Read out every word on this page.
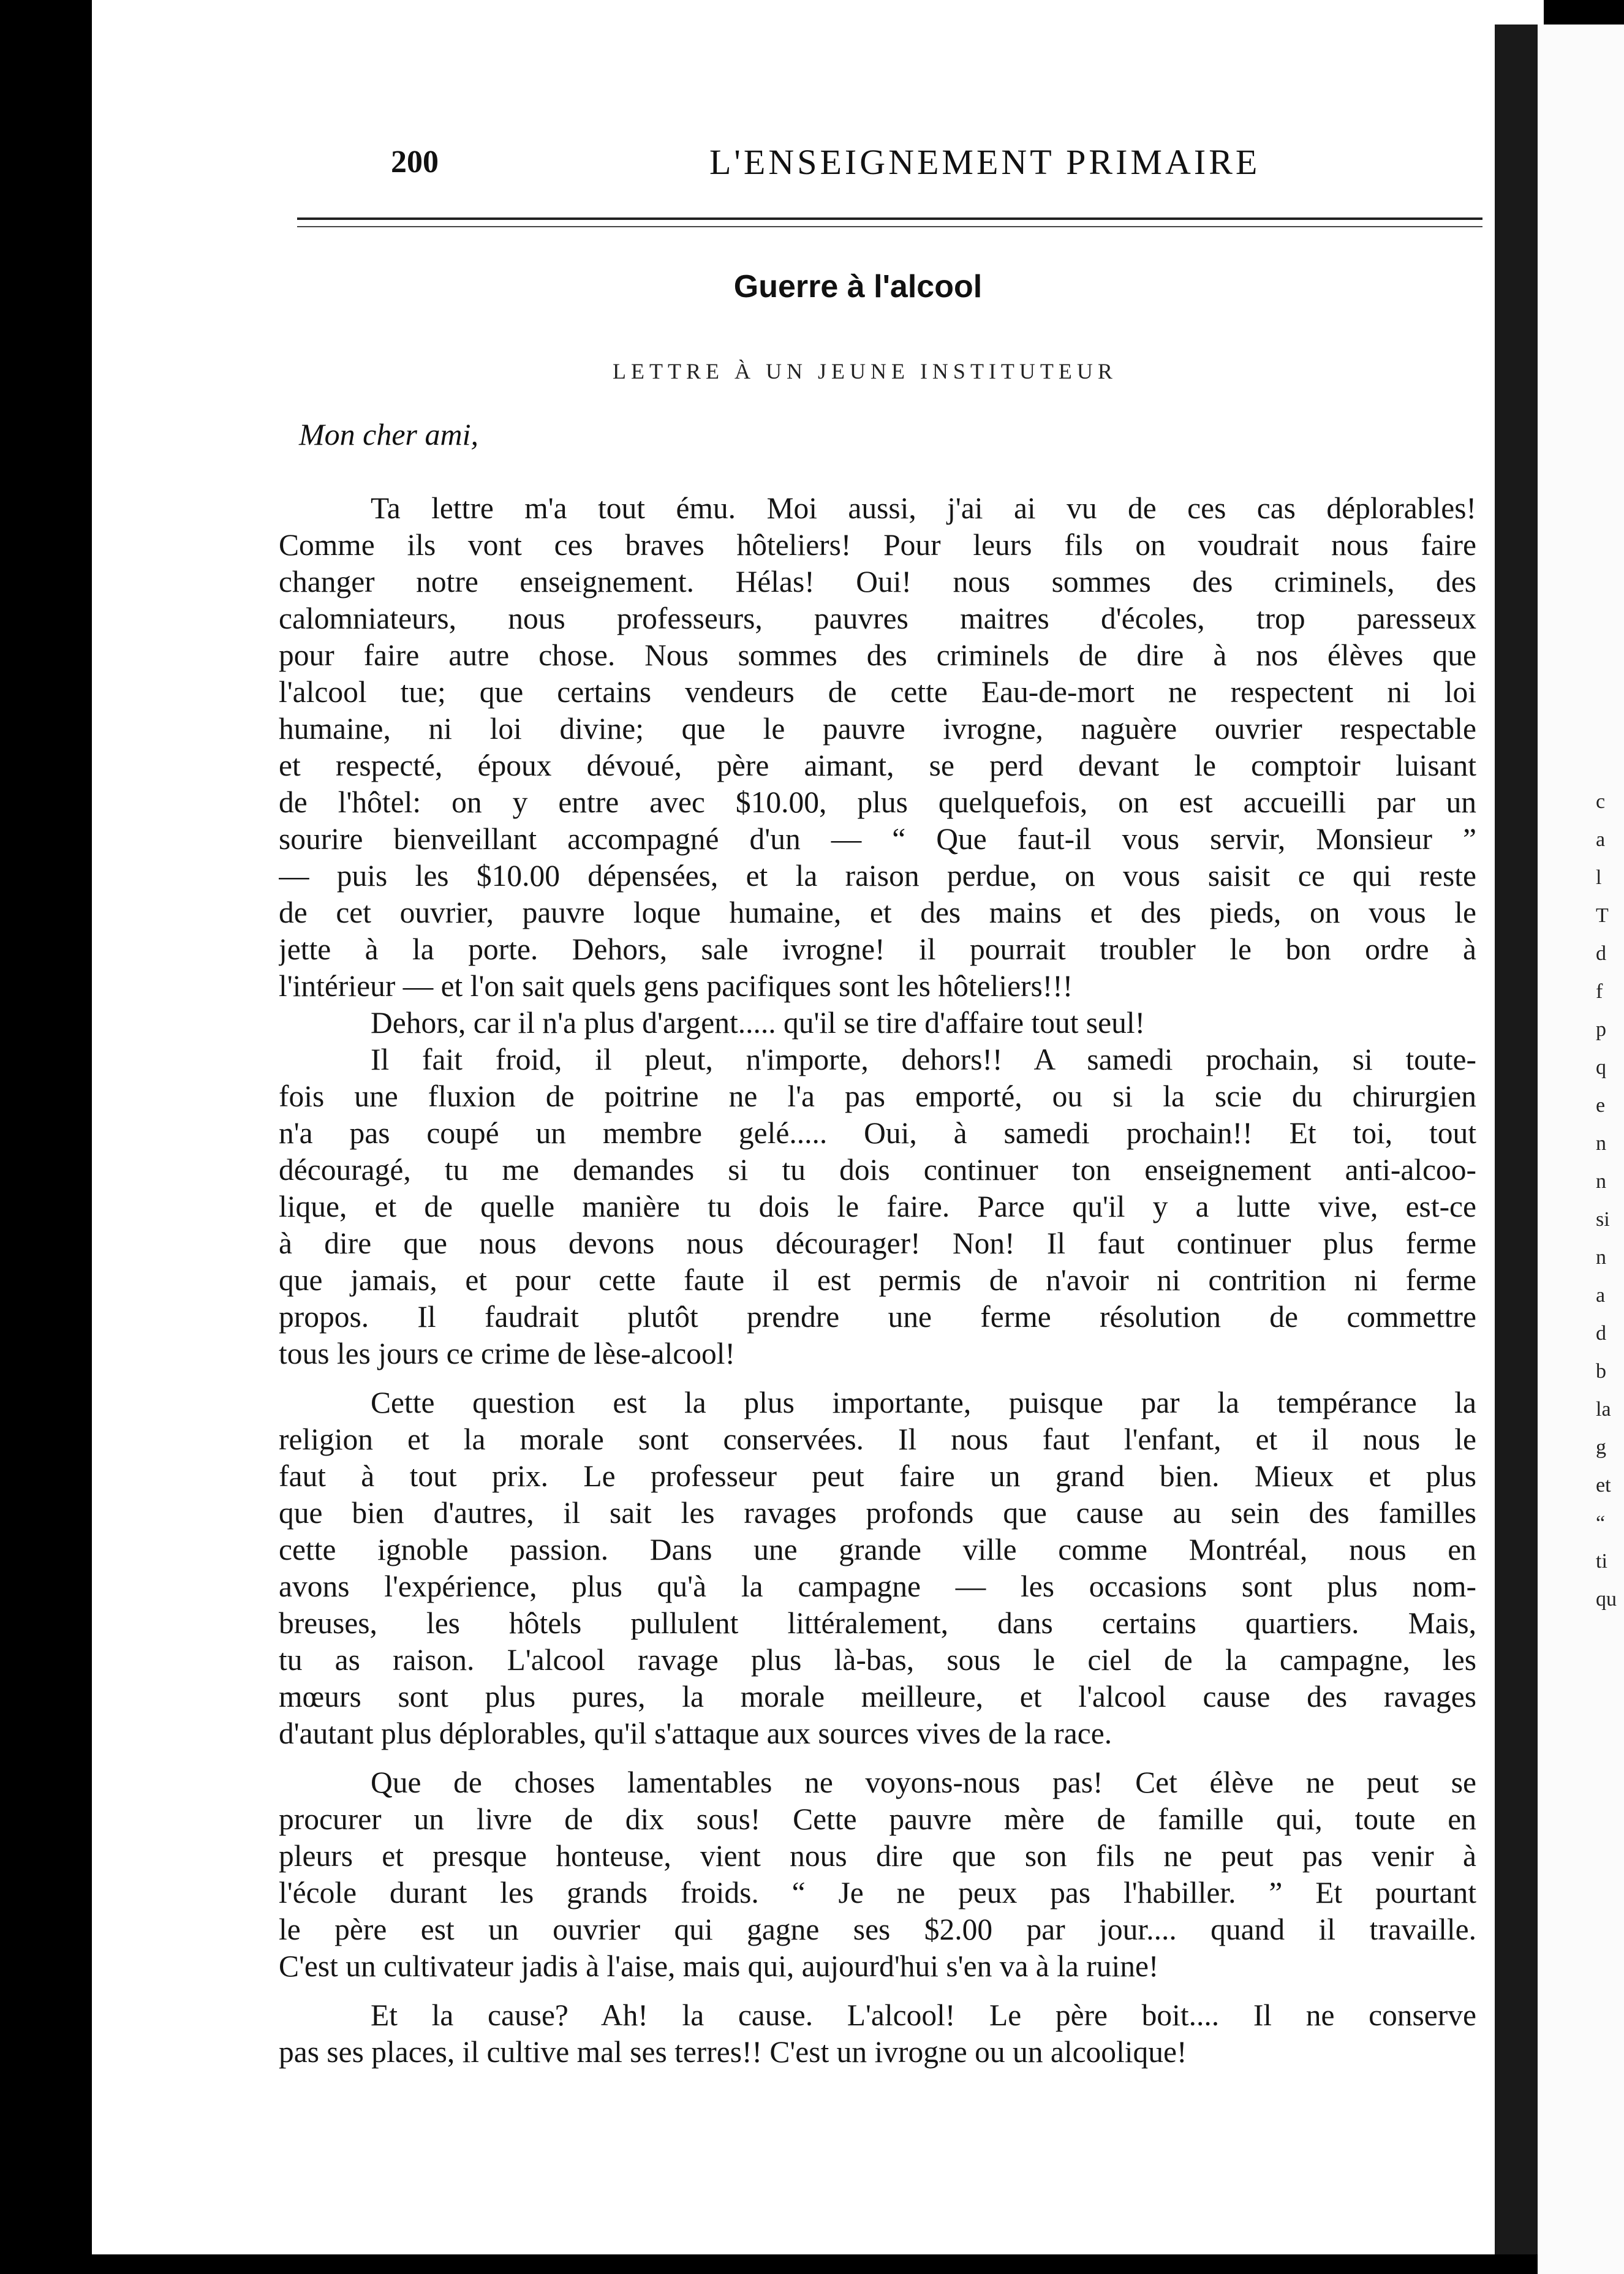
200	L'ENSEIGNEMENT PRIMAIRE
Guerre à l'alcool
LETTRE À UN JEUNE INSTITUTEUR
Mon cher ami,

Ta lettre m'a tout ému. Moi aussi, j'ai ai vu de ces cas déplorables!
Comme ils vont ces braves hôteliers! Pour leurs fils on voudrait nous faire
changer notre enseignement. Hélas! Oui! nous sommes des criminels, des
calomniateurs, nous professeurs, pauvres maitres d'écoles, trop paresseux
pour faire autre chose. Nous sommes des criminels de dire à nos élèves que
l'alcool tue; que certains vendeurs de cette Eau-de-mort ne respectent ni loi
humaine, ni loi divine; que le pauvre ivrogne, naguère ouvrier respectable
et respecté, époux dévoué, père aimant, se perd devant le comptoir luisant
de l'hôtel: on y entre avec $10.00, plus quelquefois, on est accueilli par un
sourire bienveillant accompagné d'un — “ Que faut-il vous servir, Monsieur ”
— puis les $10.00 dépensées, et la raison perdue, on vous saisit ce qui reste
de cet ouvrier, pauvre loque humaine, et des mains et des pieds, on vous le
jette à la porte. Dehors, sale ivrogne! il pourrait troubler le bon ordre à
l'intérieur — et l'on sait quels gens pacifiques sont les hôteliers!!!

Dehors, car il n'a plus d'argent..... qu'il se tire d'affaire tout seul!

Il fait froid, il pleut, n'importe, dehors!! A samedi prochain, si toute-
fois une fluxion de poitrine ne l'a pas emporté, ou si la scie du chirurgien
n'a pas coupé un membre gelé..... Oui, à samedi prochain!! Et toi, tout
découragé, tu me demandes si tu dois continuer ton enseignement anti-alcoo-
lique, et de quelle manière tu dois le faire. Parce qu'il y a lutte vive, est-ce
à dire que nous devons nous décourager! Non! Il faut continuer plus ferme
que jamais, et pour cette faute il est permis de n'avoir ni contrition ni ferme
propos. Il faudrait plutôt prendre une ferme résolution de commettre
tous les jours ce crime de lèse-alcool!

Cette question est la plus importante, puisque par la tempérance la
religion et la morale sont conservées. Il nous faut l'enfant, et il nous le
faut à tout prix. Le professeur peut faire un grand bien. Mieux et plus
que bien d'autres, il sait les ravages profonds que cause au sein des familles
cette ignoble passion. Dans une grande ville comme Montréal, nous en
avons l'expérience, plus qu'à la campagne — les occasions sont plus nom-
breuses, les hôtels pullulent littéralement, dans certains quartiers. Mais,
tu as raison. L'alcool ravage plus là-bas, sous le ciel de la campagne, les
mœurs sont plus pures, la morale meilleure, et l'alcool cause des ravages
d'autant plus déplorables, qu'il s'attaque aux sources vives de la race.

Que de choses lamentables ne voyons-nous pas! Cet élève ne peut se
procurer un livre de dix sous! Cette pauvre mère de famille qui, toute en
pleurs et presque honteuse, vient nous dire que son fils ne peut pas venir à
l'école durant les grands froids. “ Je ne peux pas l'habiller. ” Et pourtant
le père est un ouvrier qui gagne ses $2.00 par jour.... quand il travaille.
C'est un cultivateur jadis à l'aise, mais qui, aujourd'hui s'en va à la ruine!

Et la cause? Ah! la cause. L'alcool! Le père boit.... Il ne conserve
pas ses places, il cultive mal ses terres!! C'est un ivrogne ou un alcoolique!

c
a
l
T
d
f
p
q
e
n
n
si
n
a
d
b
la
g
et
“
ti
qu
